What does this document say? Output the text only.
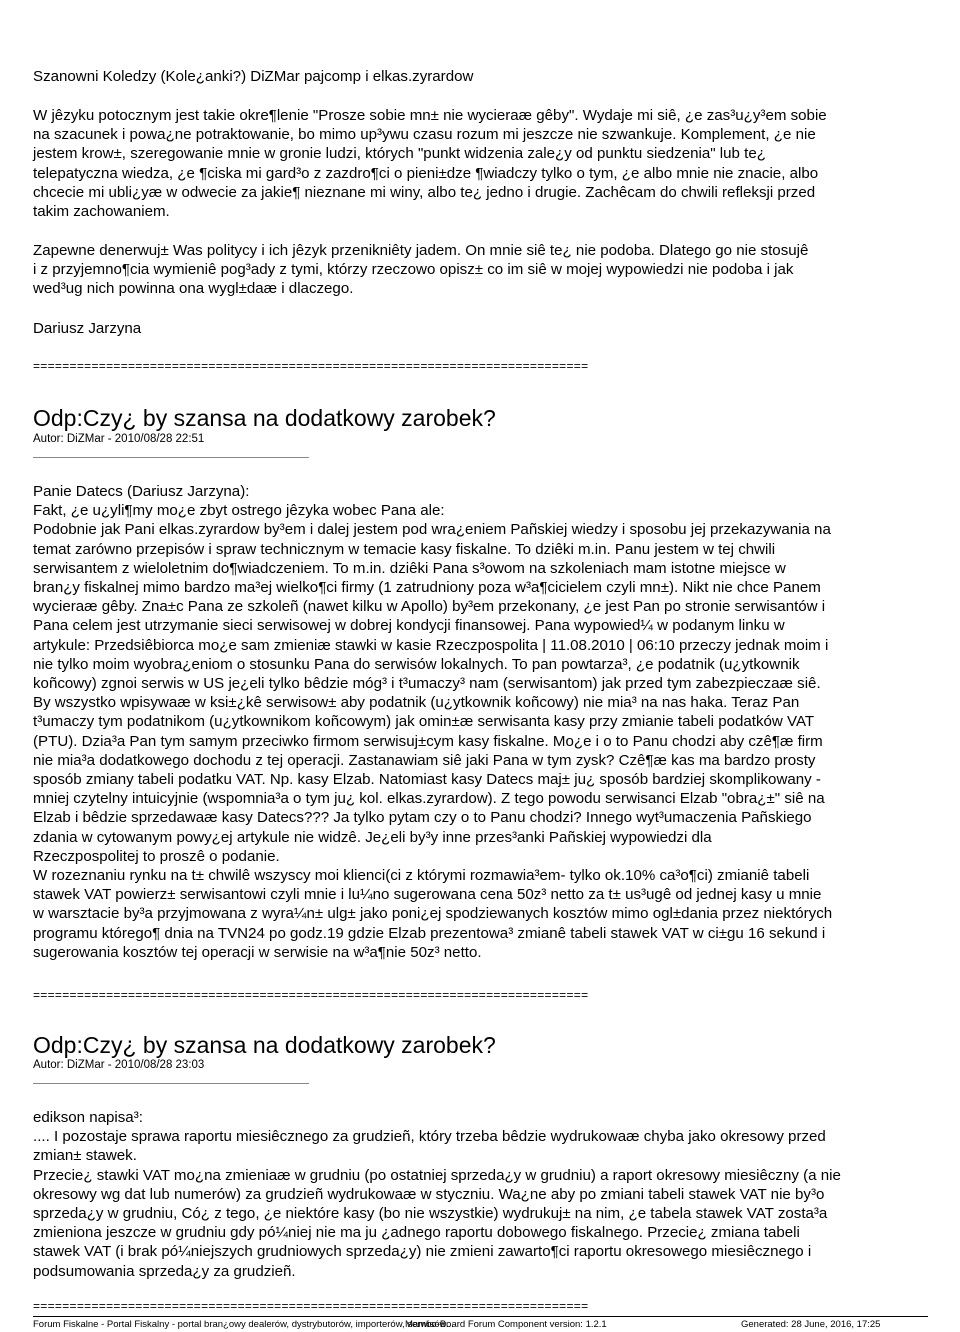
Szanowni Koledzy (Kole¿anki?) DiZMar pajcomp i elkas.zyrardow

W jêzyku potocznym jest takie okre¶lenie "Prosze sobie mn± nie wycieraæ gêby". Wydaje mi siê, ¿e zas³u¿y³em sobie
na szacunek i powa¿ne potraktowanie, bo mimo up³ywu czasu rozum mi jeszcze nie szwankuje. Komplement, ¿e nie
jestem krow±, szeregowanie mnie w gronie ludzi, których "punkt widzenia zale¿y od punktu siedzenia" lub te¿
telepatyczna wiedza, ¿e ¶ciska mi gard³o z zazdro¶ci o pieni±dze ¶wiadczy tylko o tym, ¿e albo mnie nie znacie, albo
chcecie mi ubli¿yæ w odwecie za jakie¶ nieznane mi winy, albo te¿ jedno i drugie. Zachêcam do chwili refleksji przed
takim zachowaniem.

Zapewne denerwuj± Was politycy i ich jêzyk przenikniêty jadem. On mnie siê te¿ nie podoba. Dlatego go nie stosujê
i z przyjemno¶cia wymieniê pog³ady z tymi, którzy rzeczowo opisz± co im siê w mojej wypowiedzi nie podoba i jak
wed³ug nich powinna ona wygl±daæ i dlaczego.

Dariusz Jarzyna

============================================================================
Odp:Czy¿ by szansa na dodatkowy zarobek?
Autor: DiZMar - 2010/08/28 22:51

Panie Datecs (Dariusz Jarzyna):
Fakt, ¿e u¿yli¶my mo¿e zbyt ostrego jêzyka wobec Pana ale:
Podobnie jak Pani elkas.zyrardow by³em i dalej jestem pod wra¿eniem Pañskiej wiedzy i sposobu jej przekazywania na
temat zarówno przepisów i spraw technicznym w temacie kasy fiskalne. To dziêki m.in. Panu jestem w tej chwili
serwisantem z wieloletnim do¶wiadczeniem. To m.in. dziêki Pana s³owom na szkoleniach mam istotne miejsce w
bran¿y fiskalnej mimo bardzo ma³ej wielko¶ci firmy (1 zatrudniony poza w³a¶cicielem czyli mn±). Nikt nie chce Panem
wycieraæ gêby. Zna±c Pana ze szkoleñ (nawet kilku w Apollo) by³em przekonany, ¿e jest Pan po stronie serwisantów i
Pana celem jest utrzymanie sieci serwisowej w dobrej kondycji finansowej. Pana wypowied¼ w podanym linku w
artykule: Przedsiêbiorca mo¿e sam zmieniæ stawki w kasie Rzeczpospolita | 11.08.2010 | 06:10 przeczy jednak moim i
nie tylko moim wyobra¿eniom o stosunku Pana do serwisów lokalnych. To pan powtarza³, ¿e podatnik (u¿ytkownik
koñcowy) zgnoi serwis w US je¿eli tylko bêdzie móg³ i t³umaczy³ nam (serwisantom) jak przed tym zabezpieczaæ siê.
By wszystko wpisywaæ w ksi±¿kê serwisow± aby podatnik (u¿ytkownik koñcowy) nie mia³ na nas haka. Teraz Pan
t³umaczy tym podatnikom (u¿ytkownikom koñcowym) jak omin±æ serwisanta kasy przy zmianie tabeli podatków VAT
(PTU). Dzia³a Pan tym samym przeciwko firmom serwisuj±cym kasy fiskalne. Mo¿e i o to Panu chodzi aby czê¶æ firm
nie mia³a dodatkowego dochodu z tej operacji. Zastanawiam siê jaki Pana w tym zysk? Czê¶æ kas ma bardzo prosty
sposób zmiany tabeli podatku VAT. Np. kasy Elzab. Natomiast kasy Datecs maj± ju¿ sposób bardziej skomplikowany -
mniej czytelny intuicyjnie (wspomnia³a o tym ju¿ kol. elkas.zyrardow). Z tego powodu serwisanci Elzab "obra¿±" siê na
Elzab i bêdzie sprzedawaæ kasy Datecs??? Ja tylko pytam czy o to Panu chodzi? Innego wyt³umaczenia Pañskiego
zdania w cytowanym powy¿ej artykule nie widzê. Je¿eli by³y inne przes³anki Pañskiej wypowiedzi dla
Rzeczpospolitej to proszê o podanie.
W rozeznaniu rynku na t± chwilê wszyscy moi klienci(ci z którymi rozmawia³em- tylko ok.10% ca³o¶ci) zmianiê tabeli
stawek VAT powierz± serwisantowi czyli mnie i lu¼no sugerowana cena 50z³ netto za t± us³ugê od jednej kasy u mnie
w warsztacie by³a przyjmowana z wyra¼n± ulg± jako poni¿ej spodziewanych kosztów mimo ogl±dania przez niektórych
programu którego¶ dnia na TVN24 po godz.19 gdzie Elzab prezentowa³ zmianê tabeli stawek VAT w ci±gu 16 sekund i
sugerowania kosztów tej operacji w serwisie na w³a¶nie 50z³ netto.

============================================================================
Odp:Czy¿ by szansa na dodatkowy zarobek?
Autor: DiZMar - 2010/08/28 23:03

edikson napisa³:
.... I pozostaje sprawa raportu miesiêcznego za grudzieñ, który trzeba bêdzie wydrukowaæ chyba jako okresowy przed
zmian± stawek.
Przecie¿ stawki VAT mo¿na zmieniaæ w grudniu (po ostatniej sprzeda¿y w grudniu) a raport okresowy miesiêczny (a nie
okresowy wg dat lub numerów) za grudzieñ wydrukowaæ w styczniu. Wa¿ne aby po zmiani tabeli stawek VAT nie by³o
sprzeda¿y w grudniu, Có¿ z tego, ¿e niektóre kasy (bo nie wszystkie) wydrukuj± na nim, ¿e tabela stawek VAT zosta³a
zmieniona jeszcze w grudniu gdy pó¼niej nie ma ju ¿adnego raportu dobowego fiskalnego. Przecie¿ zmiana tabeli
stawek VAT (i brak pó¼niejszych grudniowych sprzeda¿y) nie zmieni zawarto¶ci raportu okresowego miesiêcznego i
podsumowania sprzeda¿y za grudzieñ.

============================================================================
Forum Fiskalne - Portal Fiskalny - portal bran¿owy dealerów, dystrybutorów, importerów, serwisów...
Mambo-Board Forum Component version: 1.2.1	Generated: 28 June, 2016, 17:25
